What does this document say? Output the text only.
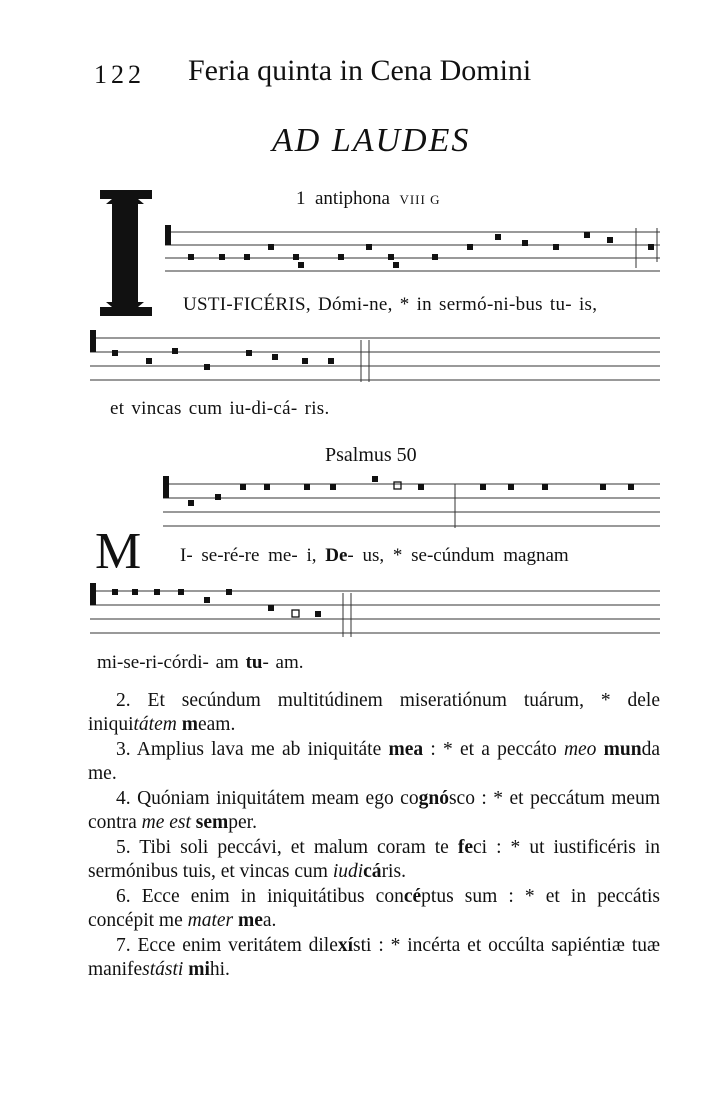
122 Feria quinta in Cena Domini
AD LAUDES
1 antiphona VIII G
USTI-FICÉRIS, Dómi-ne, * in sermó-ni-bus tu- is,
et vincas cum iu-di-cá- ris.
Psalmus 50
M I- se-ré-re me- i, De- us, * se-cúndum magnam
mi-se-ri-córdi- am tu- am.
2. Et secúndum multitúdinem miseratiónum tuárum, * dele iniquitátem meam.
3. Amplius lava me ab iniquitáte mea : * et a peccáto meo munda me.
4. Quóniam iniquitátem meam ego cognósco : * et peccátum meum contra me est semper.
5. Tibi soli peccávi, et malum coram te feci : * ut iustificéris in sermónibus tuis, et vincas cum iudicáris.
6. Ecce enim in iniquitátibus concéptus sum : * et in peccátis concépit me mater mea.
7. Ecce enim veritátem dilexísti : * incérta et occúlta sapiéntiæ tuæ manifestásti mihi.
